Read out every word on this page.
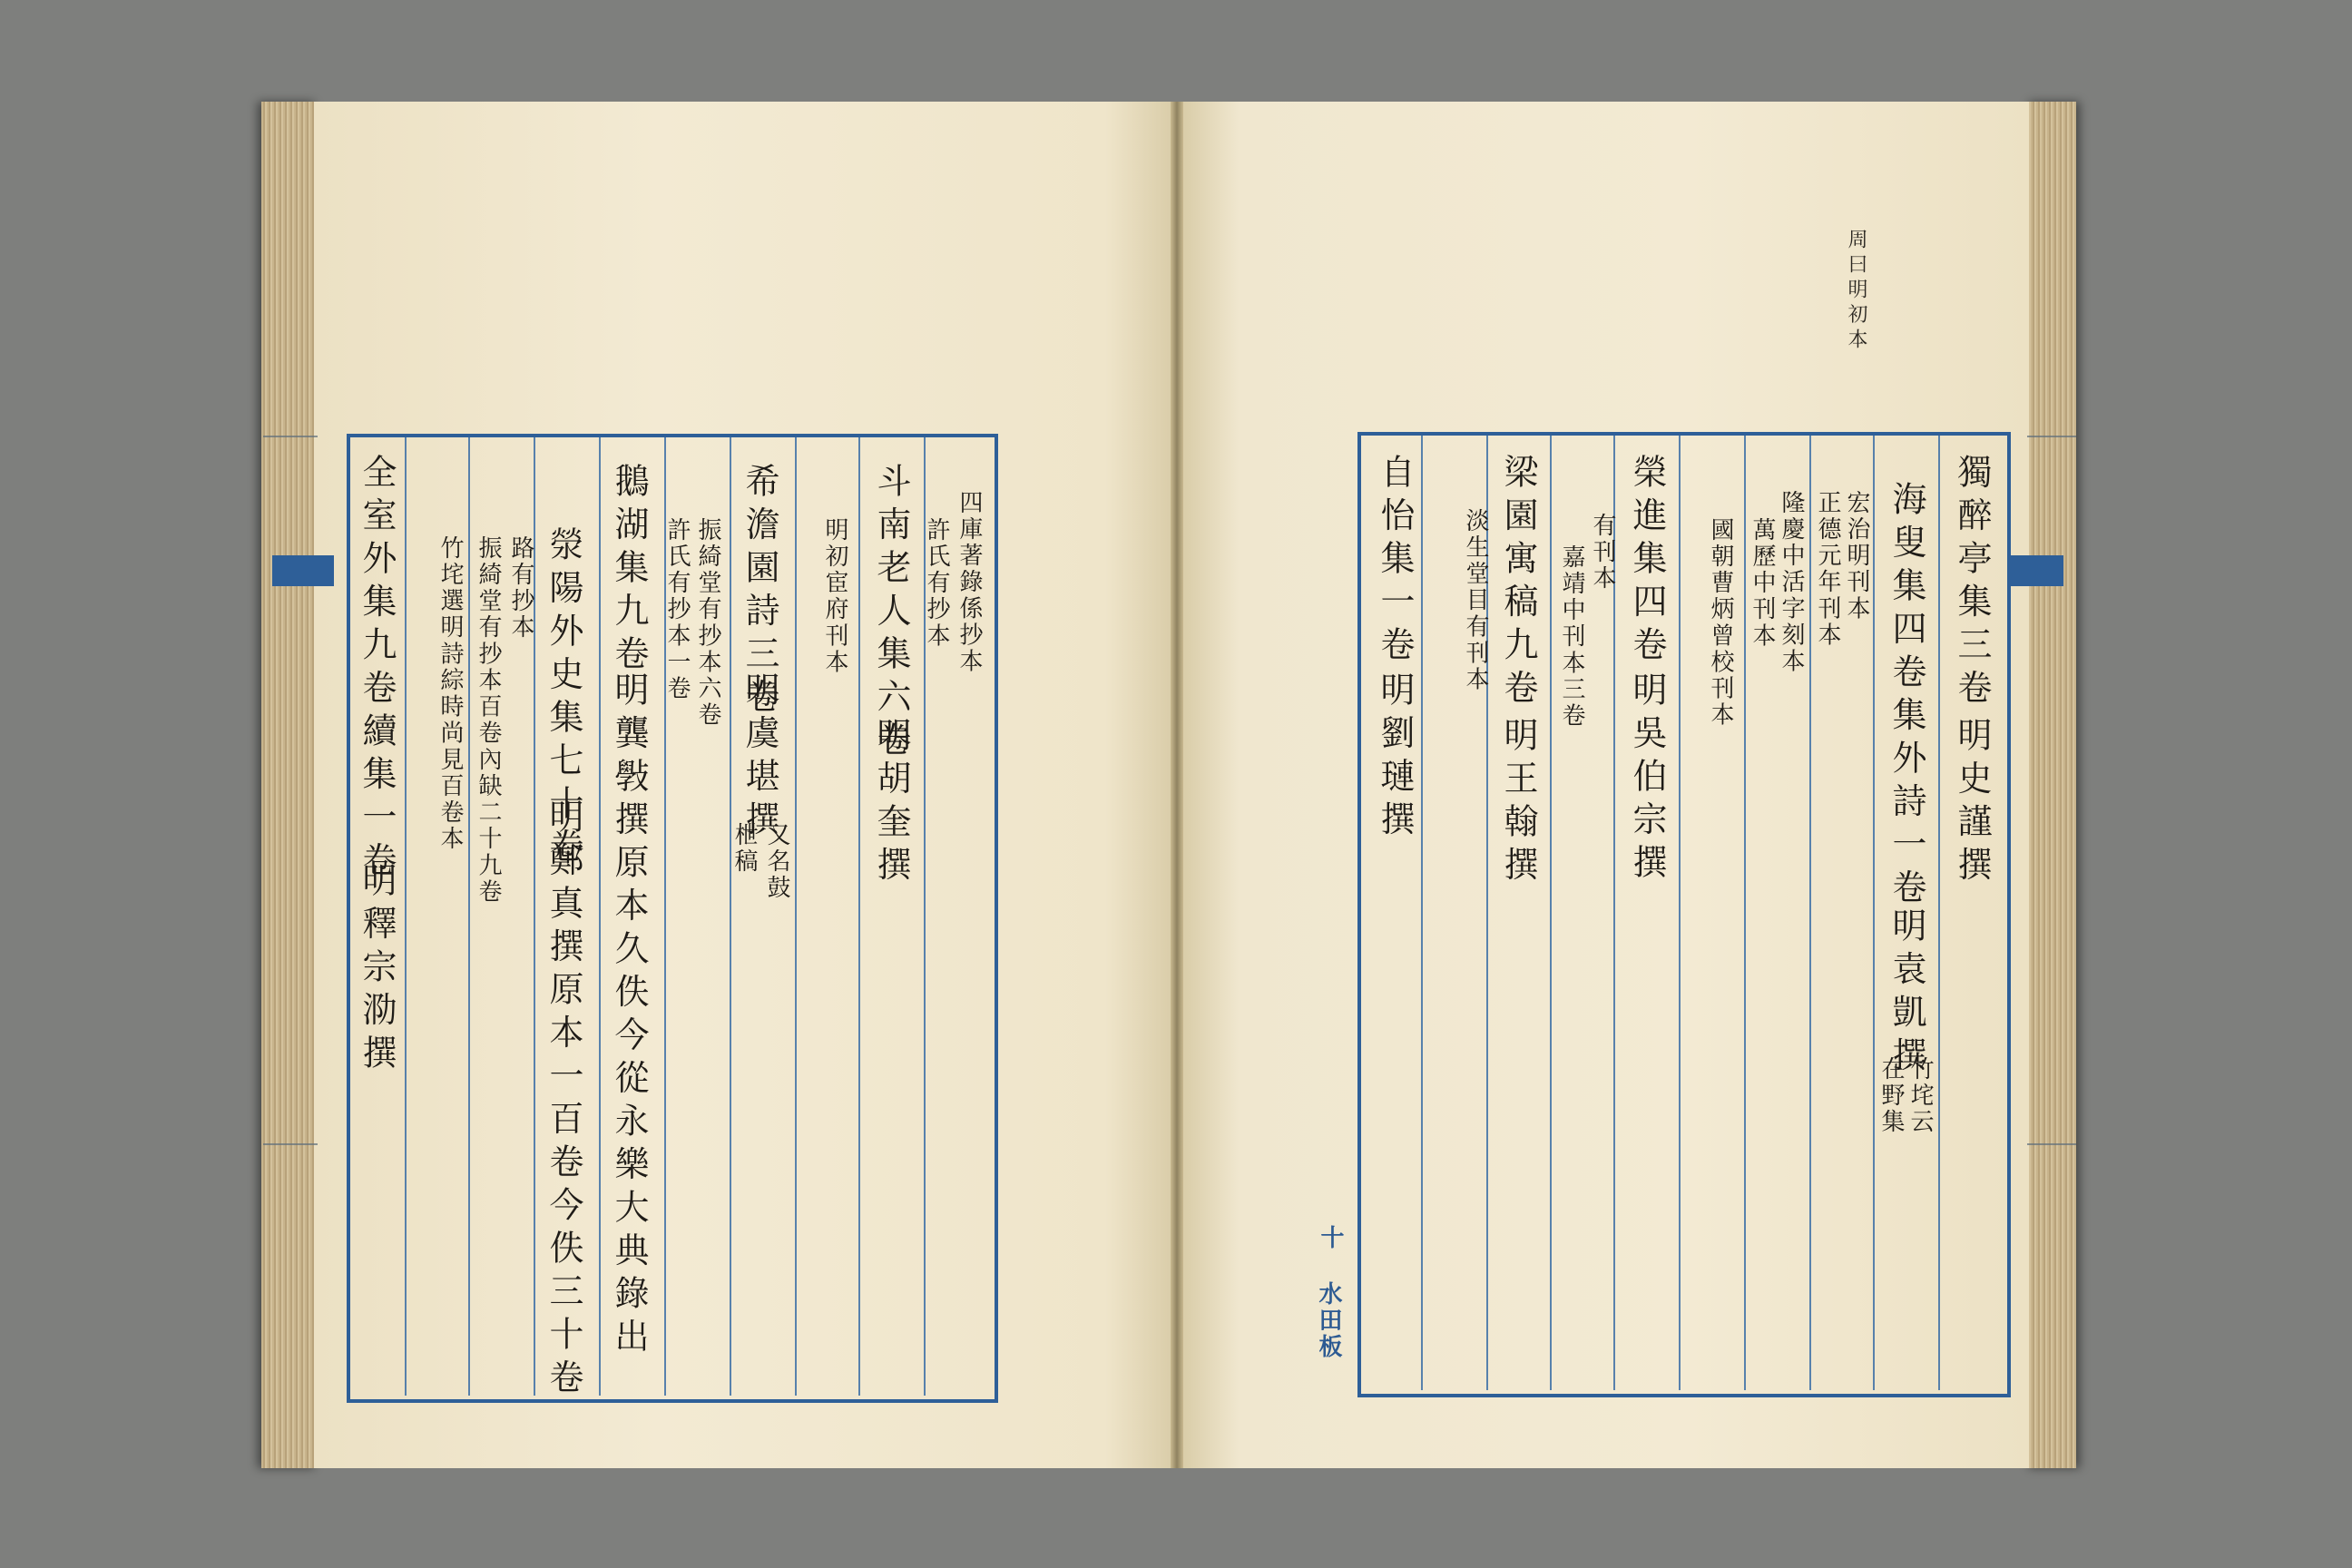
四庫著錄係抄本
許氏有抄本
斗南老人集六卷
明胡奎撰
明初宦府刊本
希澹園詩三卷
明虞堪撰
又名鼓
枻稿
振綺堂有抄本六卷
許氏有抄本一卷
鵝湖集九卷
明龔斅撰原本久佚今從永樂大典錄出
滎陽外史集七十卷
明鄭真撰原本一百卷今佚三十卷
路有抄本
振綺堂有抄本百卷內缺二十九卷
竹垞選明詩綜時尚見百卷本
全室外集九卷續集一卷
明釋宗泐撰
周曰明初本
獨醉亭集三卷
明史謹撰
海叟集四卷集外詩一卷
明袁凱撰
竹垞云
在野集
宏治明刊本
正德元年刊本
隆慶中活字刻本
萬歷中刊本
國朝曹炳曾校刊本
榮進集四卷
明吳伯宗撰
有刊本
嘉靖中刊本三卷
梁園寓稿九卷
明王翰撰
淡生堂目有刊本
自怡集一卷
明劉璉撰
十
水田板
